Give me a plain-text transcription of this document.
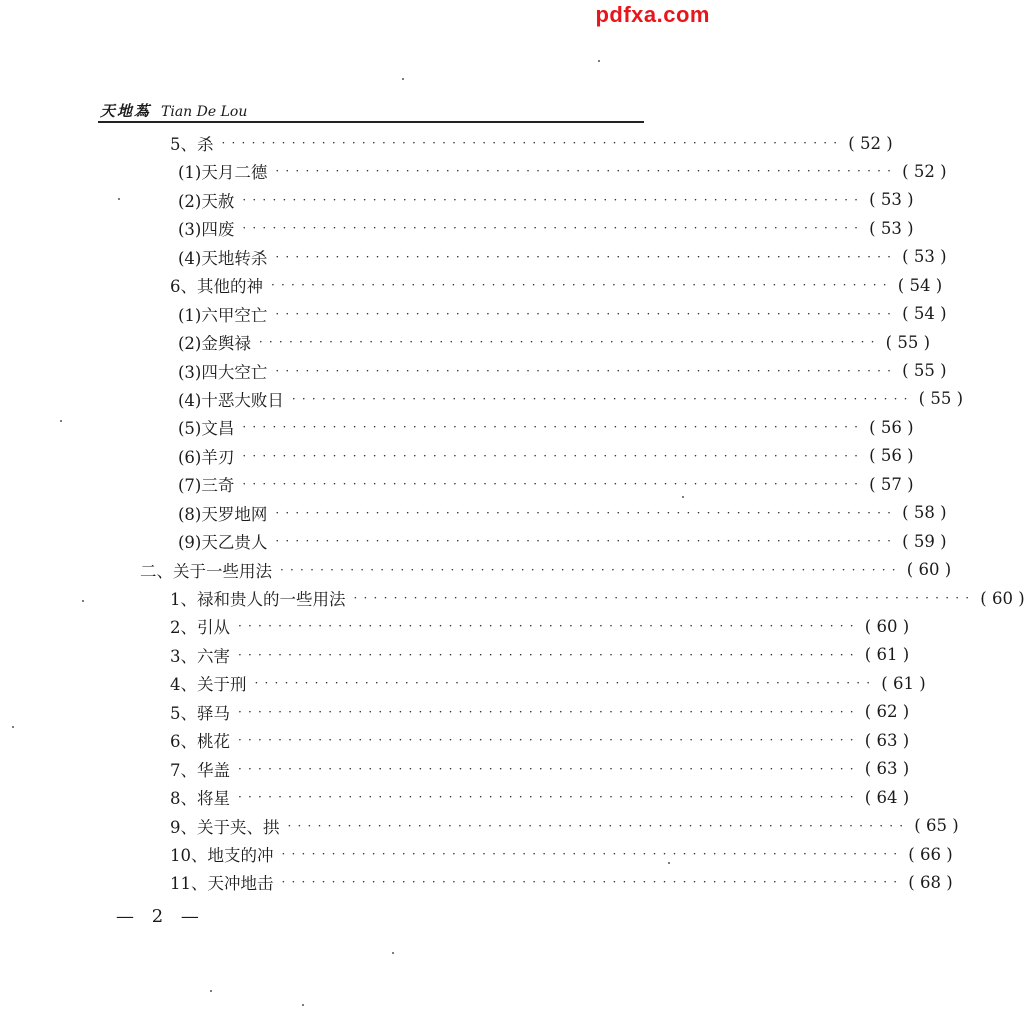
pdfxa.com
天地蒍 Tian De Lou
5、杀 · · · · · · · · · · · · · · · · · · · · · · · · · · · · · · · · · · · · · · · · · · · · · · · · · · · · · · · · · · · · · · ( 52 )
(1)天月二德 · · · · · · · · · · · · · · · · · · · · · · · · · · · · · · · · · · · · · · · · · · · · · · · · · · · · · · · · · · · · · · ( 52 )
(2)天赦 · · · · · · · · · · · · · · · · · · · · · · · · · · · · · · · · · · · · · · · · · · · · · · · · · · · · · · · · · · · · · · ( 53 )
(3)四废 · · · · · · · · · · · · · · · · · · · · · · · · · · · · · · · · · · · · · · · · · · · · · · · · · · · · · · · · · · · · · · ( 53 )
(4)天地转杀 · · · · · · · · · · · · · · · · · · · · · · · · · · · · · · · · · · · · · · · · · · · · · · · · · · · · · · · · · · · · · · ( 53 )
6、其他的神 · · · · · · · · · · · · · · · · · · · · · · · · · · · · · · · · · · · · · · · · · · · · · · · · · · · · · · · · · · · · · · ( 54 )
(1)六甲空亡 · · · · · · · · · · · · · · · · · · · · · · · · · · · · · · · · · · · · · · · · · · · · · · · · · · · · · · · · · · · · · · ( 54 )
(2)金舆禄 · · · · · · · · · · · · · · · · · · · · · · · · · · · · · · · · · · · · · · · · · · · · · · · · · · · · · · · · · · · · · · ( 55 )
(3)四大空亡 · · · · · · · · · · · · · · · · · · · · · · · · · · · · · · · · · · · · · · · · · · · · · · · · · · · · · · · · · · · · · · ( 55 )
(4)十恶大败日 · · · · · · · · · · · · · · · · · · · · · · · · · · · · · · · · · · · · · · · · · · · · · · · · · · · · · · · · · · · · · · ( 55 )
(5)文昌 · · · · · · · · · · · · · · · · · · · · · · · · · · · · · · · · · · · · · · · · · · · · · · · · · · · · · · · · · · · · · · ( 56 )
(6)羊刃 · · · · · · · · · · · · · · · · · · · · · · · · · · · · · · · · · · · · · · · · · · · · · · · · · · · · · · · · · · · · · · ( 56 )
(7)三奇 · · · · · · · · · · · · · · · · · · · · · · · · · · · · · · · · · · · · · · · · · · · · · · · · · · · · · · · · · · · · · · ( 57 )
(8)天罗地网 · · · · · · · · · · · · · · · · · · · · · · · · · · · · · · · · · · · · · · · · · · · · · · · · · · · · · · · · · · · · · · ( 58 )
(9)天乙贵人 · · · · · · · · · · · · · · · · · · · · · · · · · · · · · · · · · · · · · · · · · · · · · · · · · · · · · · · · · · · · · · ( 59 )
二、关于一些用法 · · · · · · · · · · · · · · · · · · · · · · · · · · · · · · · · · · · · · · · · · · · · · · · · · · · · · · · · · · · · · · ( 60 )
1、禄和贵人的一些用法 · · · · · · · · · · · · · · · · · · · · · · · · · · · · · · · · · · · · · · · · · · · · · · · · · · · · · · · · · · · · · · ( 60 )
2、引从 · · · · · · · · · · · · · · · · · · · · · · · · · · · · · · · · · · · · · · · · · · · · · · · · · · · · · · · · · · · · · · ( 60 )
3、六害 · · · · · · · · · · · · · · · · · · · · · · · · · · · · · · · · · · · · · · · · · · · · · · · · · · · · · · · · · · · · · · ( 61 )
4、关于刑 · · · · · · · · · · · · · · · · · · · · · · · · · · · · · · · · · · · · · · · · · · · · · · · · · · · · · · · · · · · · · · ( 61 )
5、驿马 · · · · · · · · · · · · · · · · · · · · · · · · · · · · · · · · · · · · · · · · · · · · · · · · · · · · · · · · · · · · · · ( 62 )
6、桃花 · · · · · · · · · · · · · · · · · · · · · · · · · · · · · · · · · · · · · · · · · · · · · · · · · · · · · · · · · · · · · · ( 63 )
7、华盖 · · · · · · · · · · · · · · · · · · · · · · · · · · · · · · · · · · · · · · · · · · · · · · · · · · · · · · · · · · · · · · ( 63 )
8、将星 · · · · · · · · · · · · · · · · · · · · · · · · · · · · · · · · · · · · · · · · · · · · · · · · · · · · · · · · · · · · · · ( 64 )
9、关于夹、拱 · · · · · · · · · · · · · · · · · · · · · · · · · · · · · · · · · · · · · · · · · · · · · · · · · · · · · · · · · · · · · · ( 65 )
10、地支的冲 · · · · · · · · · · · · · · · · · · · · · · · · · · · · · · · · · · · · · · · · · · · · · · · · · · · · · · · · · · · · · · ( 66 )
11、天冲地击 · · · · · · · · · · · · · · · · · · · · · · · · · · · · · · · · · · · · · · · · · · · · · · · · · · · · · · · · · · · · · · ( 68 )
— 2 —
